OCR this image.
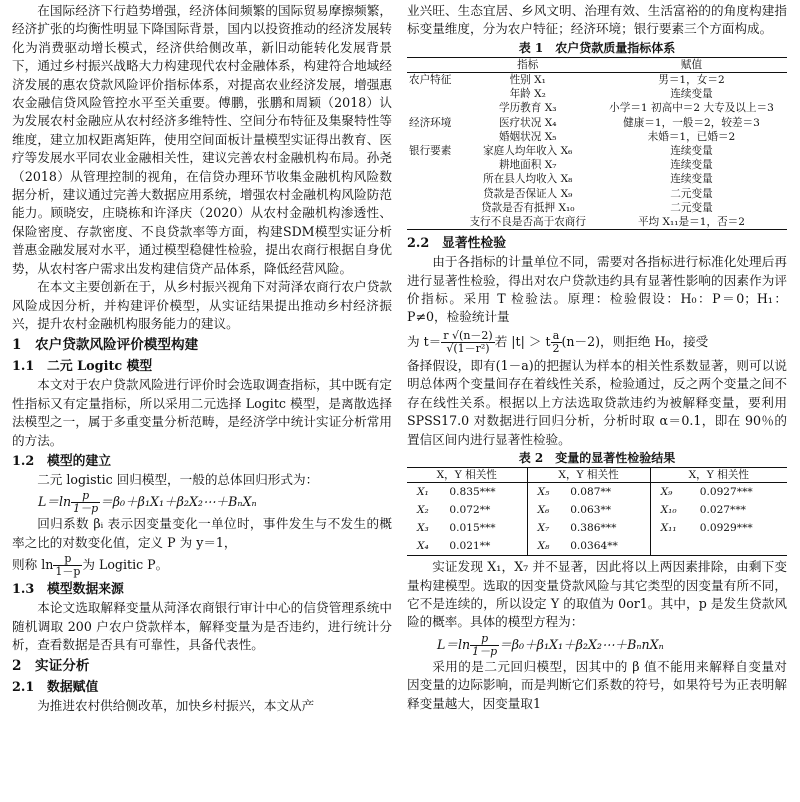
在国际经济下行趋势增强，经济体间频繁的国际贸易摩擦频繁，经济扩张的均衡性明显下降国际背景，国内以投资推动的经济发展转化为消费驱动增长模式，经济供给侧改革，新旧动能转化发展背景下，通过乡村振兴战略大力构建现代农村金融体系，构建符合地域经济发展的惠农贷款风险评价指标体系，对提高农业经济发展，增强惠农金融信贷风险管控水平至关重要。傅鹏，张鹏和周颖（2018）认为发展农村金融应从农村经济多维特性、空间分布特征及集聚特性等维度，建立加权距离矩阵，使用空间面板计量模型实证得出教育、医疗等发展水平同农业金融相关性，建议完善农村金融机构布局。孙尧（2018）从管理控制的视角，在信贷办理环节收集金融机构风险数据分析，建议通过完善大数据应用系统，增强农村金融机构风险防范能力。顾晓安，庄晓栋和许泽庆（2020）从农村金融机构渗透性、保险密度、存款密度、不良贷款率等方面，构建SDM模型实证分析普惠金融发展对水平，通过模型稳健性检验，提出农商行根据自身优势，从农村客户需求出发构建信贷产品体系，降低经营风险。

在本文主要创新在于，从乡村振兴视角下对菏泽农商行农户贷款风险成因分析，并构建评价模型，从实证结果提出推动乡村经济振兴，提升农村金融机构服务能力的建议。

1　农户贷款风险评价模型构建
1.1　二元 Logitc 模型

本文对于农户贷款风险进行评价时会选取调查指标，其中既有定性指标又有定量指标，所以采用二元选择 Logitc 模型，是离散选择法模型之一，属于多重变量分析范畴，是经济学中统计实证分析常用的方法。

1.2　模型的建立

二元 logistic 回归模型，一般的总体回归形式为：

$L=\ln \frac{p}{1-p}$ ＝β₀＋β₁X₁＋β₂X₂⋯＋BₙXₙ

回归系数 βᵢ 表示因变量变化一单位时，事件发生与不发生的概率之比的对数变化值，定义 P 为 y＝1，

则称 $\ln \frac{p}{1-p}$ 为 Logitic P。

1.3　模型数据来源

本论文选取解释变量从菏泽农商银行审计中心的信贷管理系统中随机调取 200 户农户贷款样本，解释变量为是否违约，进行统计分析，查看数据是否具有可靠性，具备代表性。

2　实证分析
2.1　数据赋值

为推进农村供给侧改革，加快乡村振兴，本文从产

业兴旺、生态宜居、乡风文明、治理有效、生活富裕的的角度构建指标变量维度，分为农户特征；经济环境；银行要素三个方面构成。

表 1　农户贷款质量指标体系
	指标	赋值
农户特征	性别 X₁	男＝1，女＝2
	年龄 X₂	连续变量
	学历教育 X₃	小学＝1 初高中＝2 大专及以上＝3
经济环境	医疗状况 X₄	健康＝1，一般＝2，较差＝3
	婚姻状况 X₅	未婚＝1，已婚＝2
银行要素	家庭人均年收入 X₆	连续变量
	耕地面积 X₇	连续变量
	所在县人均收入 X₈	连续变量
	贷款是否保证人 X₉	二元变量
	贷款是否有抵押 X₁₀	二元变量
	支行不良是否高于农商行	平均 X₁₁是＝1，否＝2
2.2　显著性检验

由于各指标的计量单位不同，需要对各指标进行标准化处理后再进行显著性检验，得出对农户贷款违约具有显著性影响的因素作为评价指标。采用 T 检验法。原理：检验假设：H₀：P＝0；H₁：P≠0，检验统计量

为 $t= \frac{r √(n-2)}{\text{√(1－r²)}}$ 若 |t| ＞ t $\frac{a}{2} (n-2)$，则拒绝 H₀，接受

备择假设，即有(1－a)的把握认为样本的相关性系数显著，则可以说明总体两个变量间存在着线性关系，检验通过，反之两个变量之间不存在线性关系。根据以上方法选取贷款违约为被解释变量，要利用 SPSS17.0 对数据进行回归分析，分析时取 α＝0.1，即在 90％的置信区间内进行显著性检验。

表 2　变量的显著性检验结果
X，Y 相关性		X，Y 相关性		X，Y 相关性	
X₁	0.835***	X₅	0.087**	X₉	0.0927***
X₂	0.072**	X₆	0.063**	X₁₀	0.027***
X₃	0.015***	X₇	0.386***	X₁₁	0.0929***
X₄	0.021**	X₈	0.0364**		

实证发现 X₁，X₇ 并不显著，因此将以上两因素排除，由剩下变量构建模型。选取的因变量贷款风险与其它类型的因变量有所不同，它不是连续的，所以设定 Y 的取值为 0or1。其中，p 是发生贷款风险的概率。具体的模型方程为：

$L=\ln \frac{p}{1-p}$ ＝β₀＋β₁X₁＋β₂X₂⋯＋BₙnXₙ

采用的是二元回归模型，因其中的 β 值不能用来解释自变量对因变量的边际影响，而是判断它们系数的符号，如果符号为正表明解释变量越大，因变量取1
